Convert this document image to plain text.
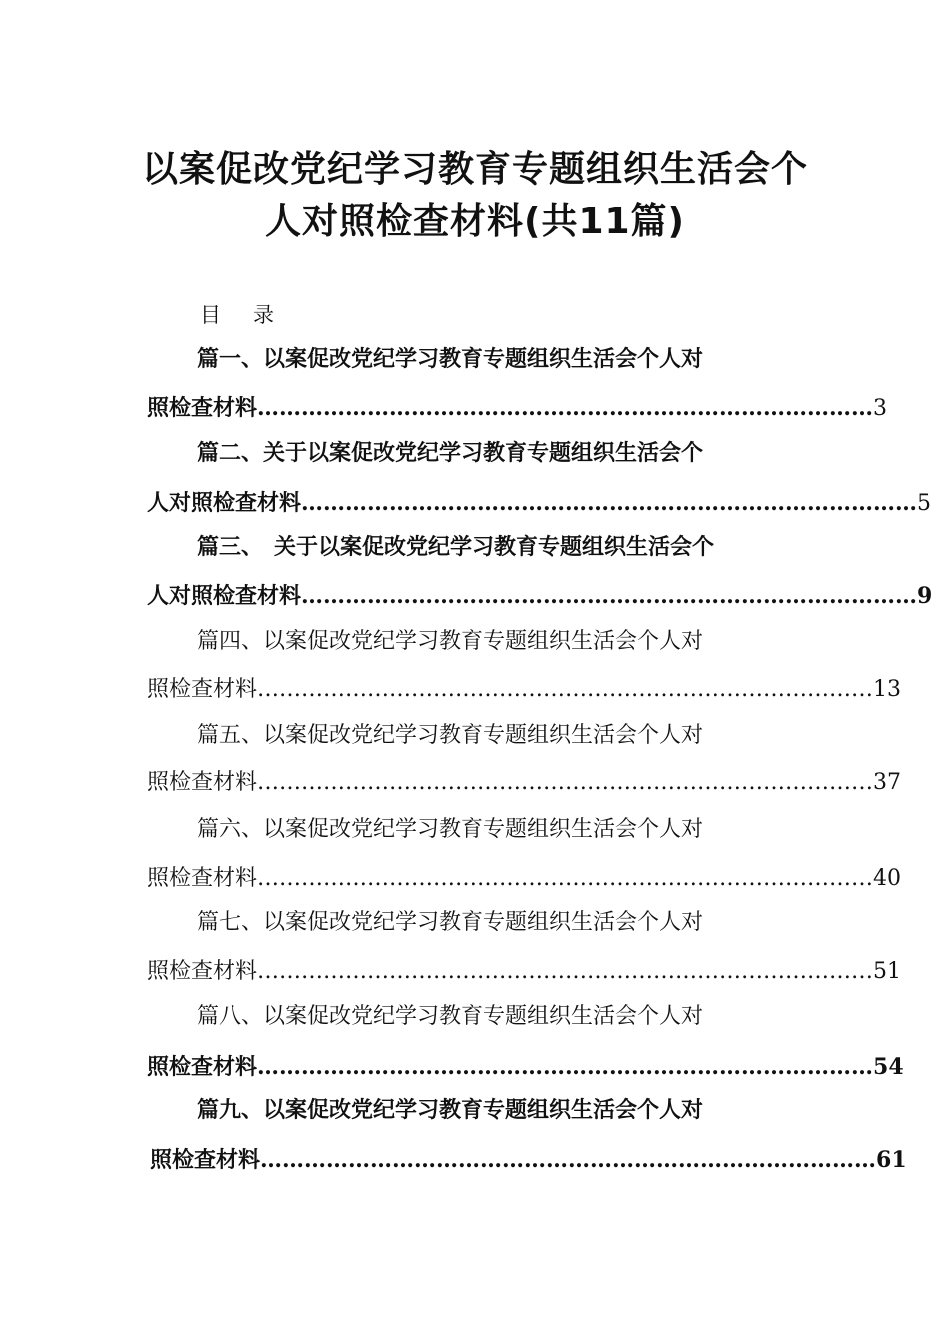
以案促改党纪学习教育专题组织生活会个
人对照检查材料(共11篇)
目录
篇一、以案促改党纪学习教育专题组织生活会个人对
照检查材料 ………………………………………………………………………… 3
篇二、关于以案促改党纪学习教育专题组织生活会个
人对照检查材料 ………………………………………………………………………… 5
篇三、　关于以案促改党纪学习教育专题组织生活会个
人对照检查材料 ………………………………………………………………………… 9
篇四、以案促改党纪学习教育专题组织生活会个人对
照检查材料 ………………………………………………………………………… 13
篇五、以案促改党纪学习教育专题组织生活会个人对
照检查材料 ………………………………………………………………………… 37
篇六、以案促改党纪学习教育专题组织生活会个人对
照检查材料 ………………………………………………………………………… 40
篇七、以案促改党纪学习教育专题组织生活会个人对
照检查材料 ………………………………………………………………………… 51
篇八、以案促改党纪学习教育专题组织生活会个人对
照检查材料 ………………………………………………………………………… 54
篇九、以案促改党纪学习教育专题组织生活会个人对
照检查材料 ………………………………………………………………………… 61
